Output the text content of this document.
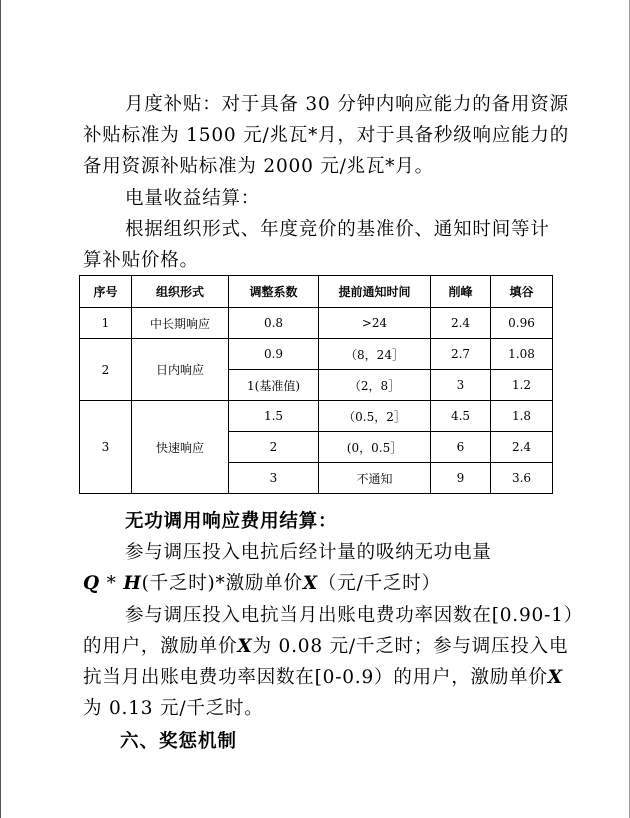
月度补贴：对于具备 30 分钟内响应能力的备用资源

补贴标准为 1500 元/兆瓦*月，对于具备秒级响应能力的

备用资源补贴标准为 2000 元/兆瓦*月。

电量收益结算：

根据组织形式、年度竞价的基准价、通知时间等计

算补贴价格。

序号	组织形式	调整系数	提前通知时间	削峰	填谷
1	中长期响应	0.8	>24	2.4	0.96
2	日内响应	0.9	（8，24］	2.7	1.08
		1(基准值)	（2，8］	3	1.2
3	快速响应	1.5	（0.5，2］	4.5	1.8
		2	(0，0.5］	6	2.4
		3	不通知	9	3.6

无功调用响应费用结算：

参与调压投入电抗后经计量的吸纳无功电量

Q * H(千乏时)*激励单价X（元/千乏时）

参与调压投入电抗当月出账电费功率因数在[0.90-1）

的用户，激励单价X为 0.08 元/千乏时；参与调压投入电

抗当月出账电费功率因数在[0-0.9）的用户，激励单价X

为 0.13 元/千乏时。

六、奖惩机制
